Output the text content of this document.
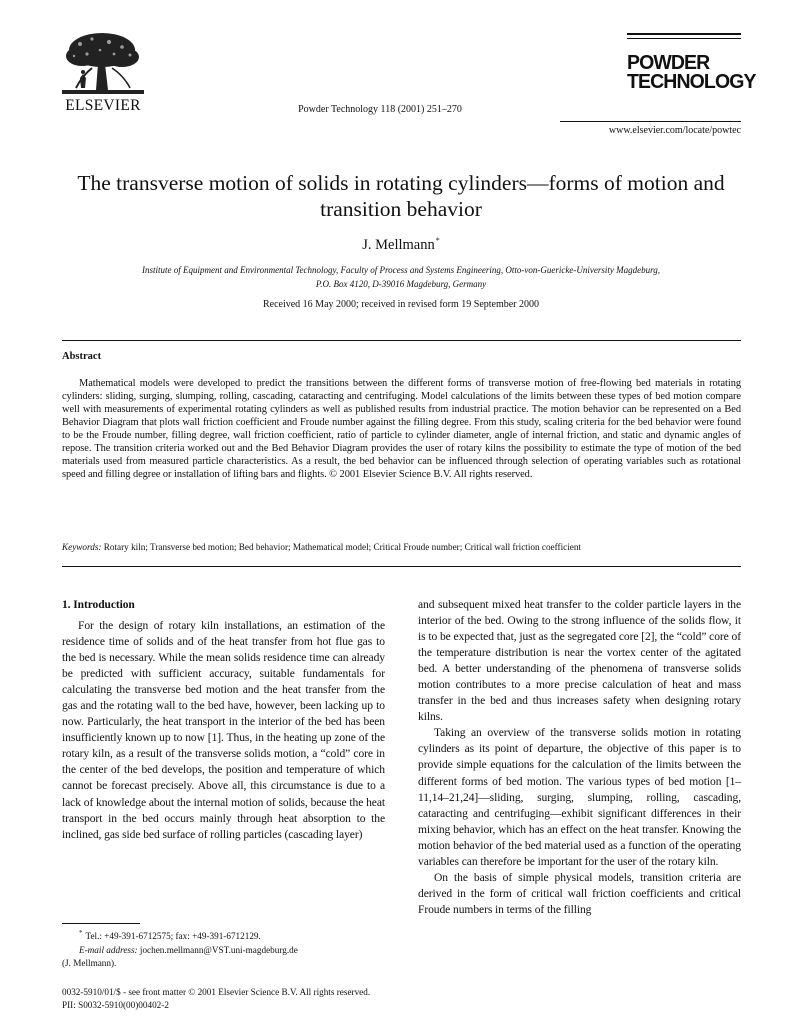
ELSEVIER	Powder Technology 118 (2001) 251–270
POWDER
TECHNOLOGY
www.elsevier.com/locate/powtec
The transverse motion of solids in rotating cylinders—forms of motion and transition behavior
J. Mellmann*
Institute of Equipment and Environmental Technology, Faculty of Process and Systems Engineering, Otto-von-Guericke-University Magdeburg,
P.O. Box 4120, D-39016 Magdeburg, Germany
Received 16 May 2000; received in revised form 19 September 2000
Abstract
Mathematical models were developed to predict the transitions between the different forms of transverse motion of free-flowing bed materials in rotating cylinders: sliding, surging, slumping, rolling, cascading, cataracting and centrifuging. Model calculations of the limits between these types of bed motion compare well with measurements of experimental rotating cylinders as well as published results from industrial practice. The motion behavior can be represented on a Bed Behavior Diagram that plots wall friction coefficient and Froude number against the filling degree. From this study, scaling criteria for the bed behavior were found to be the Froude number, filling degree, wall friction coefficient, ratio of particle to cylinder diameter, angle of internal friction, and static and dynamic angles of repose. The transition criteria worked out and the Bed Behavior Diagram provides the user of rotary kilns the possibility to estimate the type of motion of the bed materials used from measured particle characteristics. As a result, the bed behavior can be influenced through selection of operating variables such as rotational speed and filling degree or installation of lifting bars and flights. © 2001 Elsevier Science B.V. All rights reserved.
Keywords: Rotary kiln; Transverse bed motion; Bed behavior; Mathematical model; Critical Froude number; Critical wall friction coefficient
1. Introduction

For the design of rotary kiln installations, an estimation of the residence time of solids and of the heat transfer from hot flue gas to the bed is necessary. While the mean solids residence time can already be predicted with sufficient accuracy, suitable fundamentals for calculating the transverse bed motion and the heat transfer from the gas and the rotating wall to the bed have, however, been lacking up to now. Particularly, the heat transport in the interior of the bed has been insufficiently known up to now [1]. Thus, in the heating up zone of the rotary kiln, as a result of the transverse solids motion, a “cold” core in the center of the bed develops, the position and temperature of which cannot be forecast precisely. Above all, this circumstance is due to a lack of knowledge about the internal motion of solids, because the heat transport in the bed occurs mainly through heat absorption to the inclined, gas side bed surface of rolling particles (cascading layer)

and subsequent mixed heat transfer to the colder particle layers in the interior of the bed. Owing to the strong influence of the solids flow, it is to be expected that, just as the segregated core [2], the “cold” core of the temperature distribution is near the vortex center of the agitated bed. A better understanding of the phenomena of transverse solids motion contributes to a more precise calculation of heat and mass transfer in the bed and thus increases safety when designing rotary kilns.

Taking an overview of the transverse solids motion in rotating cylinders as its point of departure, the objective of this paper is to provide simple equations for the calculation of the limits between the different forms of bed motion. The various types of bed motion [1–11,14–21,24]—sliding, surging, slumping, rolling, cascading, cataracting and centrifuging—exhibit significant differences in their mixing behavior, which has an effect on the heat transfer. Knowing the motion behavior of the bed material used as a function of the operating variables can therefore be important for the user of the rotary kiln.

On the basis of simple physical models, transition criteria are derived in the form of critical wall friction coefficients and critical Froude numbers in terms of the filling

* Tel.: +49-391-6712575; fax: +49-391-6712129.
E-mail address: jochen.mellmann@VST.uni-magdeburg.de
(J. Mellmann).
0032-5910/01/$ - see front matter © 2001 Elsevier Science B.V. All rights reserved.
PII: S0032-5910(00)00402-2
